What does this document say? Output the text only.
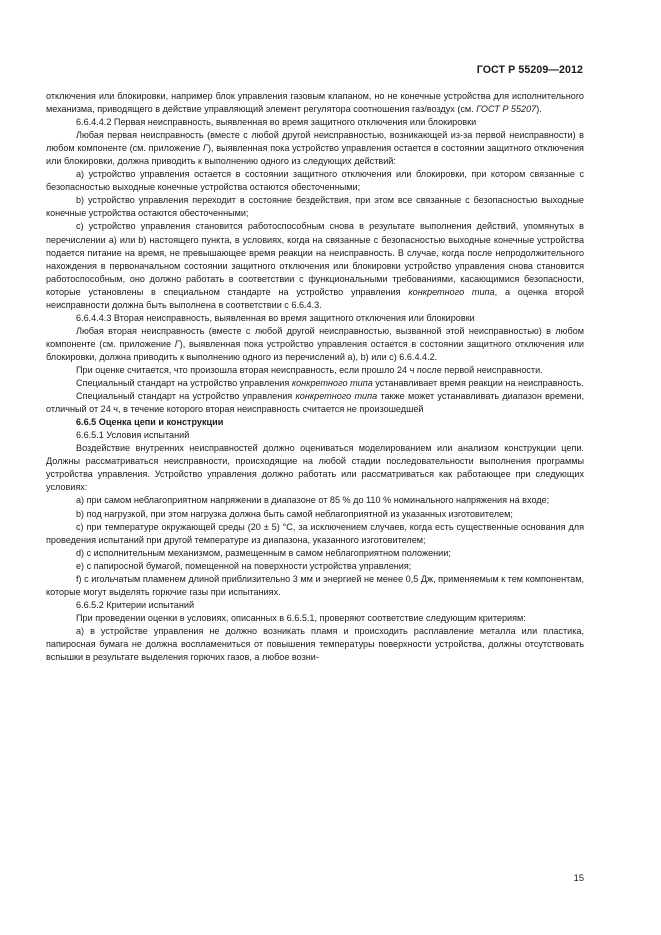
ГОСТ Р 55209—2012

отключения или блокировки, например блок управления газовым клапаном, но не конечные устройства для исполнительного механизма, приводящего в действие управляющий элемент регулятора соотношения газ/воздух (см. ГОСТ Р 55207).

6.6.4.4.2 Первая неисправность, выявленная во время защитного отключения или блокировки

Любая первая неисправность (вместе с любой другой неисправностью, возникающей из-за первой неисправности) в любом компоненте (см. приложение Г), выявленная пока устройство управления остается в состоянии защитного отключения или блокировки, должна приводить к выполнению одного из следующих действий:

a) устройство управления остается в состоянии защитного отключения или блокировки, при котором связанные с безопасностью выходные конечные устройства остаются обесточенными;

b) устройство управления переходит в состояние бездействия, при этом все связанные с безопасностью выходные конечные устройства остаются обесточенными;

c) устройство управления становится работоспособным снова в результате выполнения действий, упомянутых в перечислении a) или b) настоящего пункта, в условиях, когда на связанные с безопасностью выходные конечные устройства подается питание на время, не превышающее время реакции на неисправность. В случае, когда после непродолжительного нахождения в первоначальном состоянии защитного отключения или блокировки устройство управления снова становится работоспособным, оно должно работать в соответствии с функциональными требованиями, касающимися безопасности, которые установлены в специальном стандарте на устройство управления конкретного типа, а оценка второй неисправности должна быть выполнена в соответствии с 6.6.4.3.

6.6.4.4.3 Вторая неисправность, выявленная во время защитного отключения или блокировки

Любая вторая неисправность (вместе с любой другой неисправностью, вызванной этой неисправностью) в любом компоненте (см. приложение Г), выявленная пока устройство управления остается в состоянии защитного отключения или блокировки, должна приводить к выполнению одного из перечислений a), b) или c) 6.6.4.4.2.

При оценке считается, что произошла вторая неисправность, если прошло 24 ч после первой неисправности.

Специальный стандарт на устройство управления конкретного типа устанавливает время реакции на неисправность.

Специальный стандарт на устройство управления конкретного типа также может устанавливать диапазон времени, отличный от 24 ч, в течение которого вторая неисправность считается не произошедшей

6.6.5 Оценка цепи и конструкции

6.6.5.1 Условия испытаний

Воздействие внутренних неисправностей должно оцениваться моделированием или анализом конструкции цепи. Должны рассматриваться неисправности, происходящие на любой стадии последовательности выполнения программы устройства управления. Устройство управления должно работать или рассматриваться как работающее при следующих условиях:

a) при самом неблагоприятном напряжении в диапазоне от 85 % до 110 % номинального напряжения на входе;

b) под нагрузкой, при этом нагрузка должна быть самой неблагоприятной из указанных изготовителем;

c) при температуре окружающей среды (20 ± 5) °С, за исключением случаев, когда есть существенные основания для проведения испытаний при другой температуре из диапазона, указанного изготовителем;

d) с исполнительным механизмом, размещенным в самом неблагоприятном положении;

e) с папиросной бумагой, помещенной на поверхности устройства управления;

f) с игольчатым пламенем длиной приблизительно 3 мм и энергией не менее 0,5 Дж, применяемым к тем компонентам, которые могут выделять горючие газы при испытаниях.

6.6.5.2 Критерии испытаний

При проведении оценки в условиях, описанных в 6.6.5.1, проверяют соответствие следующим критериям:

a) в устройстве управления не должно возникать пламя и происходить расплавление металла или пластика, папиросная бумага не должна воспламениться от повышения температуры поверхности устройства, должны отсутствовать вспышки в результате выделения горючих газов, а любое возни-

15
